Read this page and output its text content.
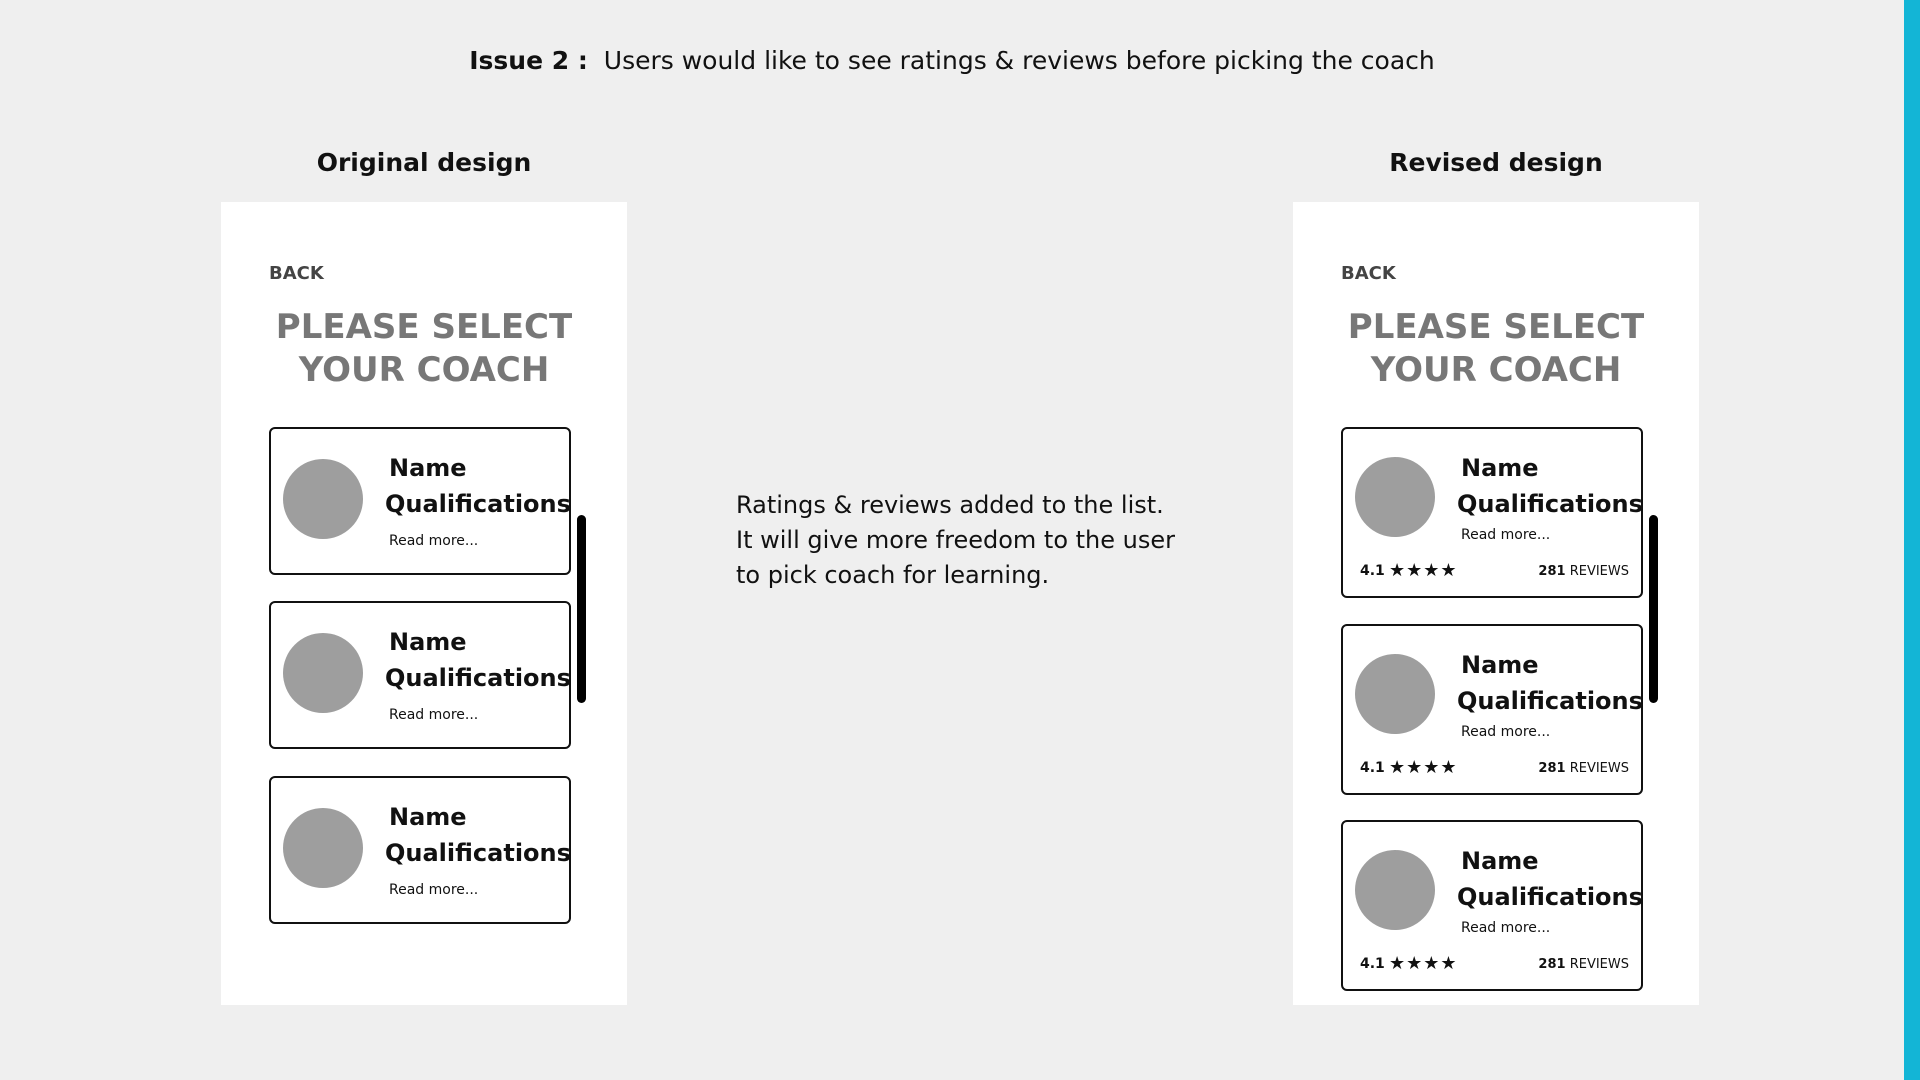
Issue 2 : Users would like to see ratings & reviews before picking the coach
Original design
BACK
PLEASE SELECT
YOUR COACH
Name
Qualifications
Read more...
Name
Qualifications
Read more...
Name
Qualifications
Read more...
Ratings & reviews added to the list.
It will give more freedom to the user
to pick coach for learning.
Revised design
BACK
PLEASE SELECT
YOUR COACH
Name
Qualifications
Read more...
4.1 ★★★★	281 REVIEWS
Name
Qualifications
Read more...
4.1 ★★★★	281 REVIEWS
Name
Qualifications
Read more...
4.1 ★★★★	281 REVIEWS
